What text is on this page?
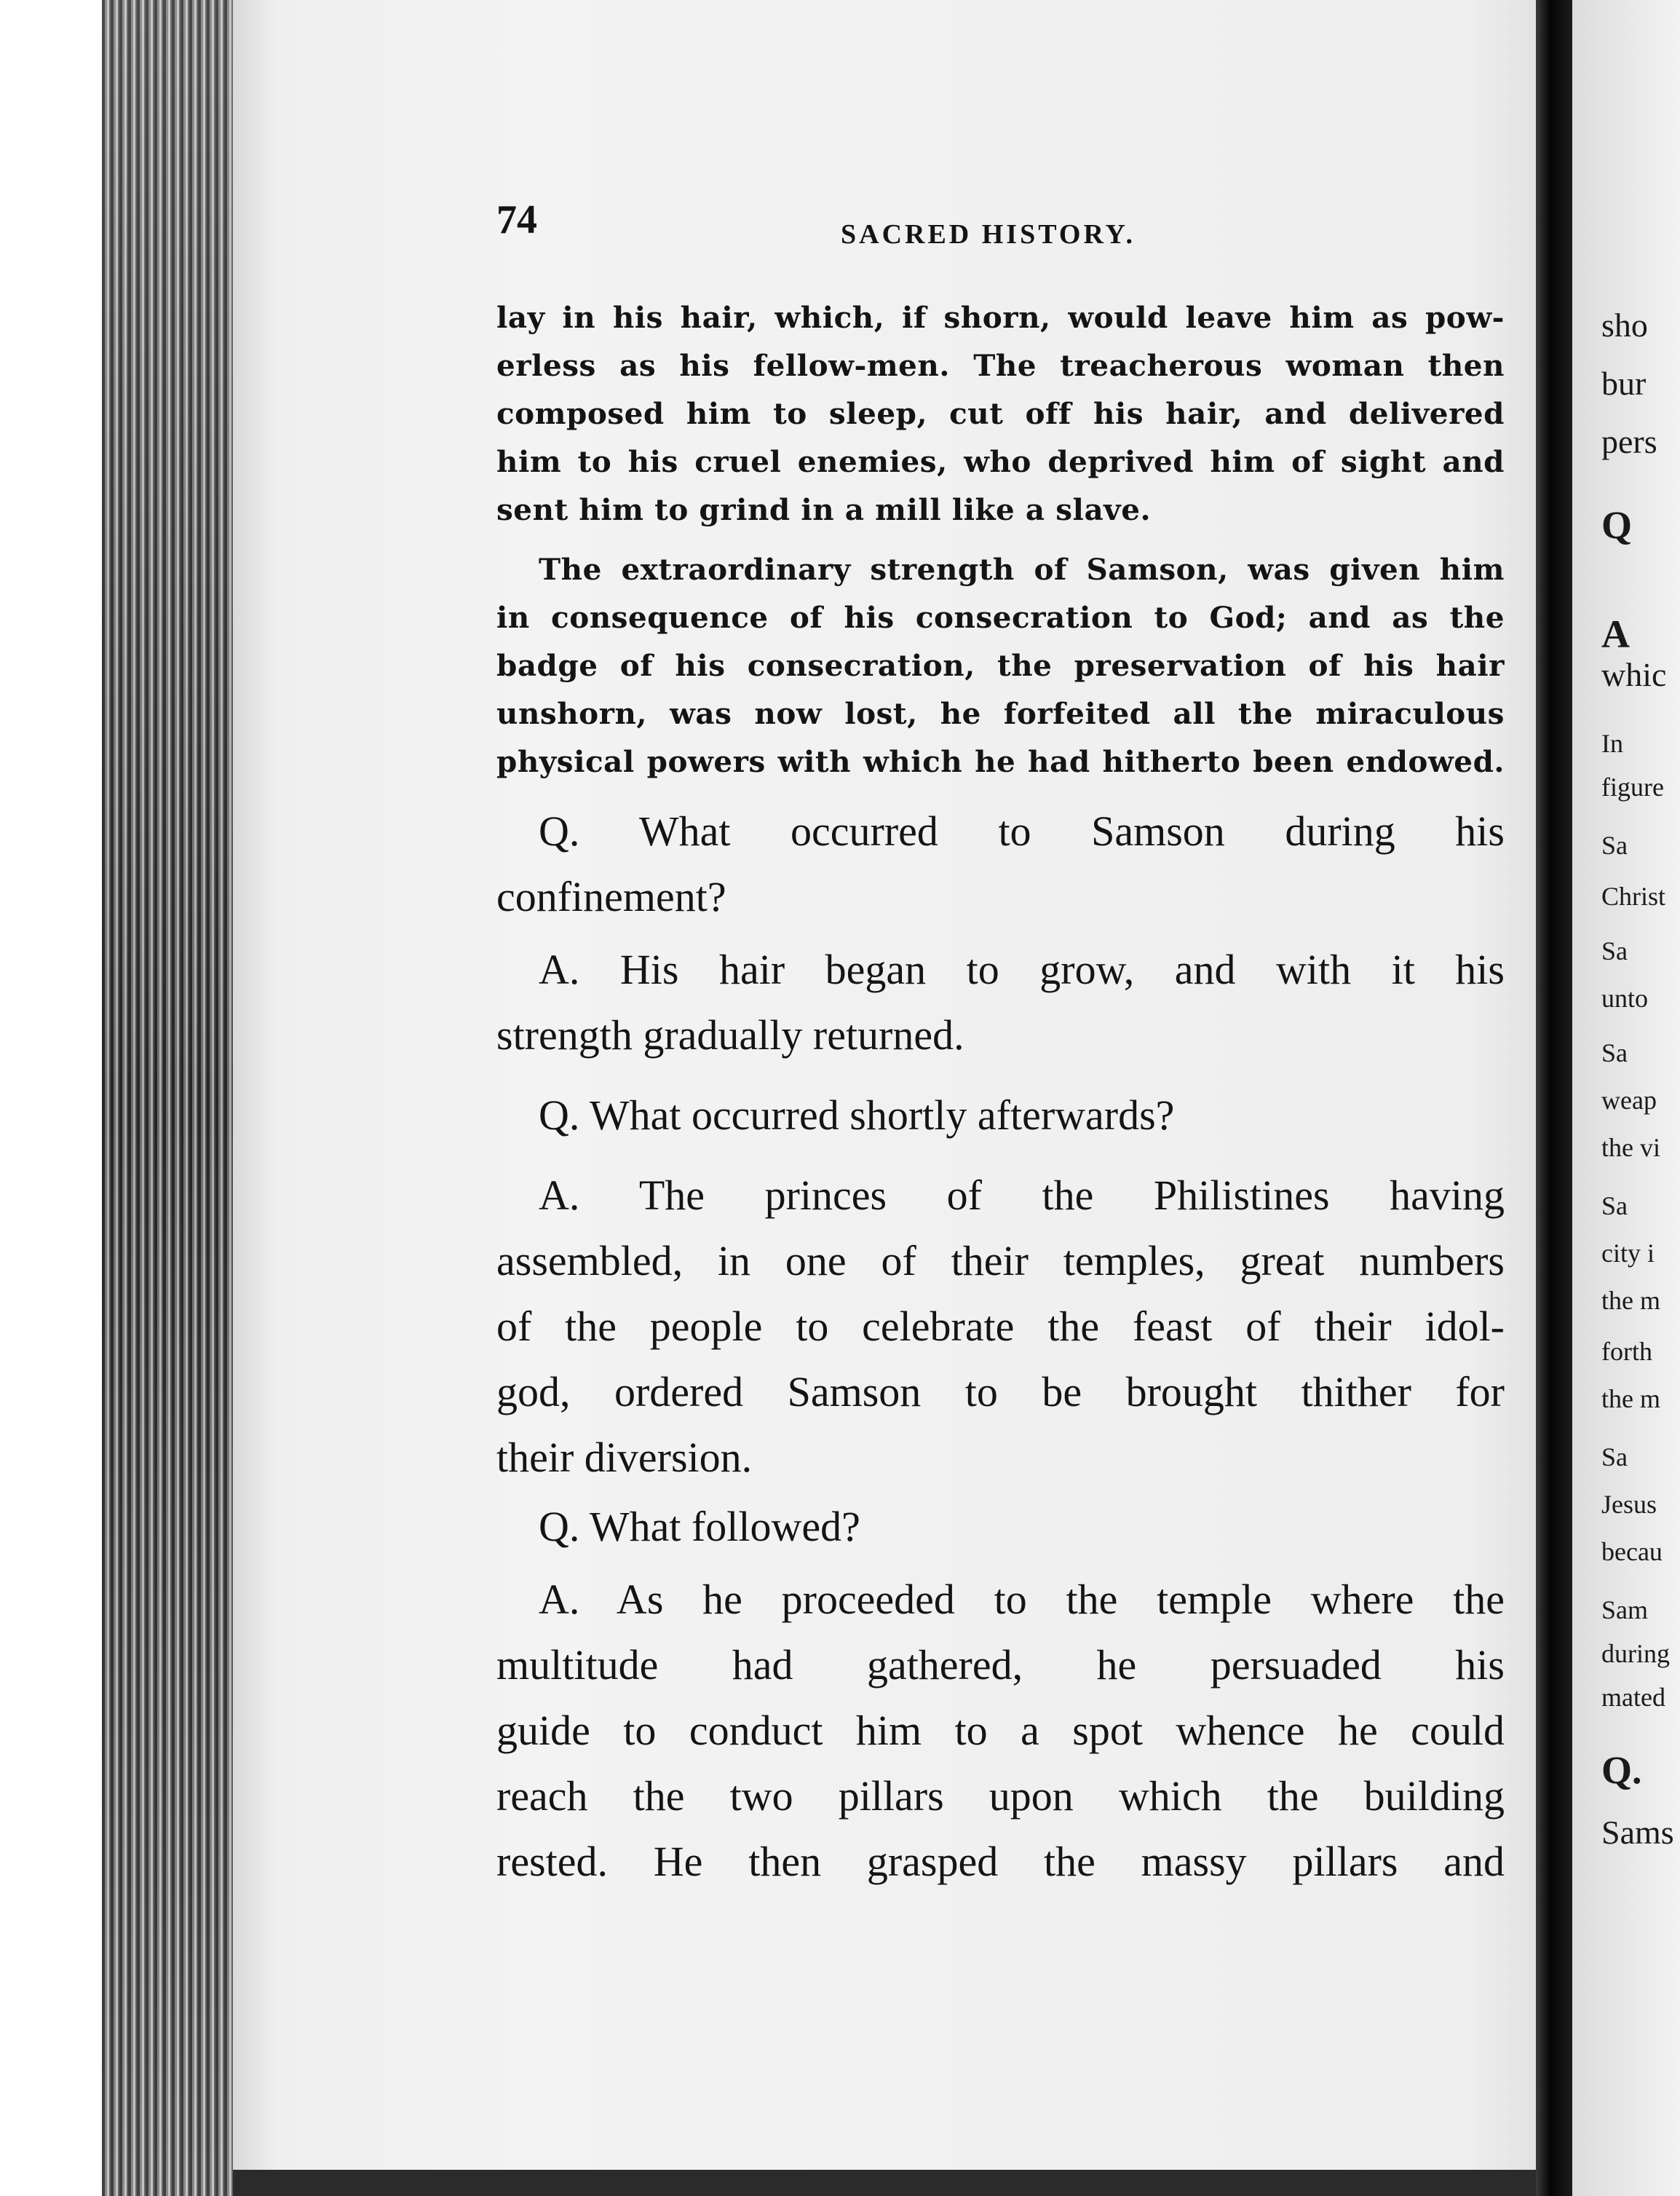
sho
bur
pers
Q
A
whic
In
figure
Sa
Christ
Sa
unto
Sa
weap
the vi
Sa
city i
the m
forth
the m
Sa
Jesus
becau
Sam
during
mated
Q.
Sams
74	SACRED HISTORY.
lay in his hair, which, if shorn, would leave him as pow-
erless as his fellow-men. The treacherous woman then
composed him to sleep, cut off his hair, and delivered
him to his cruel enemies, who deprived him of sight and
sent him to grind in a mill like a slave.
The extraordinary strength of Samson, was given him
in consequence of his consecration to God; and as the
badge of his consecration, the preservation of his hair
unshorn, was now lost, he forfeited all the miraculous
physical powers with which he had hitherto been endowed.
Q. What occurred to Samson during his
confinement?
A. His hair began to grow, and with it his
strength gradually returned.
Q. What occurred shortly afterwards?
A. The princes of the Philistines having
assembled, in one of their temples, great numbers
of the people to celebrate the feast of their idol-
god, ordered Samson to be brought thither for
their diversion.
Q. What followed?
A. As he proceeded to the temple where the
multitude had gathered, he persuaded his
guide to conduct him to a spot whence he could
reach the two pillars upon which the building
rested. He then grasped the massy pillars and
